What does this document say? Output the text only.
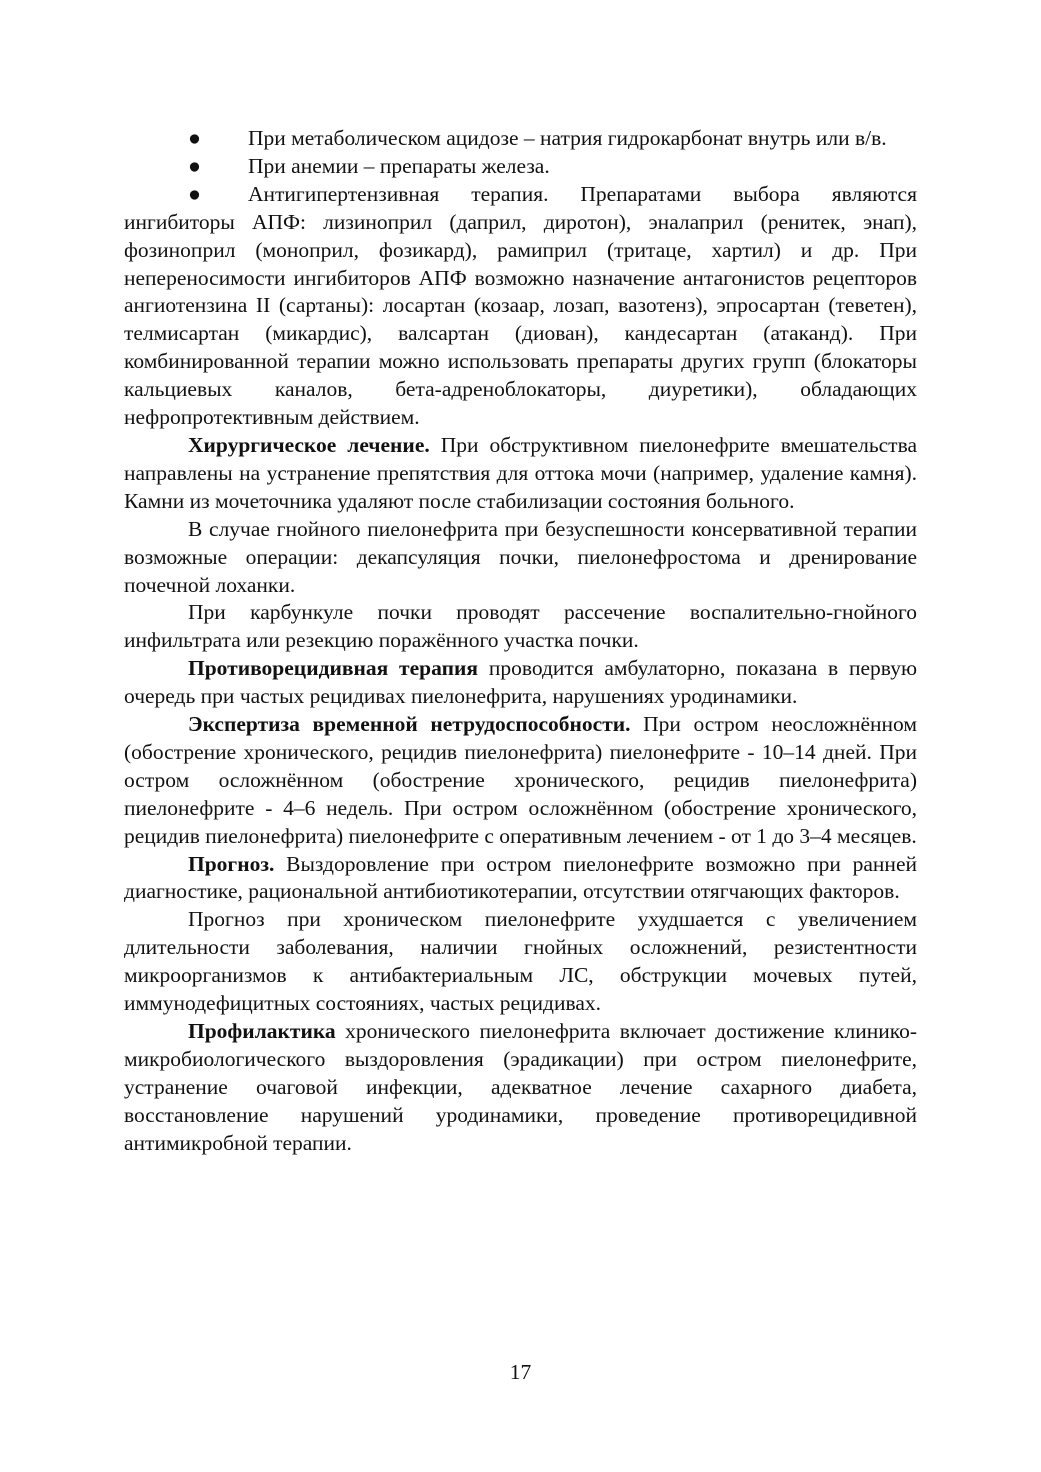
● При метаболическом ацидозе – натрия гидрокарбонат внутрь или в/в.

● При анемии – препараты железа.

● Антигипертензивная терапия. Препаратами выбора являются ингибиторы АПФ: лизиноприл (даприл, диротон), эналаприл (ренитек, энап), фозиноприл (моноприл, фозикард), рамиприл (тритаце, хартил) и др. При непереносимости ингибиторов АПФ возможно назначение антагонистов рецепторов ангиотензина II (сартаны): лосартан (козаар, лозап, вазотенз), эпросартан (теветен), телмисартан (микардис), валсартан (диован), кандесартан (атаканд). При комбинированной терапии можно использовать препараты других групп (блокаторы кальциевых каналов, бета-адреноблокаторы, диуретики), обладающих нефропротективным действием.

Хирургическое лечение. При обструктивном пиелонефрите вмешательства направлены на устранение препятствия для оттока мочи (например, удаление камня). Камни из мочеточника удаляют после стабилизации состояния больного.

В случае гнойного пиелонефрита при безуспешности консервативной терапии возможные операции: декапсуляция почки, пиелонефростома и дренирование почечной лоханки.

При карбункуле почки проводят рассечение воспалительно-гнойного инфильтрата или резекцию поражённого участка почки.

Противорецидивная терапия проводится амбулаторно, показана в первую очередь при частых рецидивах пиелонефрита, нарушениях уродинамики.

Экспертиза временной нетрудоспособности. При остром неосложнённом (обострение хронического, рецидив пиелонефрита) пиелонефрите - 10–14 дней. При остром осложнённом (обострение хронического, рецидив пиелонефрита) пиелонефрите - 4–6 недель. При остром осложнённом (обострение хронического, рецидив пиелонефрита) пиелонефрите с оперативным лечением - от 1 до 3–4 месяцев.

Прогноз. Выздоровление при остром пиелонефрите возможно при ранней диагностике, рациональной антибиотикотерапии, отсутствии отягчающих факторов.

Прогноз при хроническом пиелонефрите ухудшается с увеличением длительности заболевания, наличии гнойных осложнений, резистентности микроорганизмов к антибактериальным ЛС, обструкции мочевых путей, иммунодефицитных состояниях, частых рецидивах.

Профилактика хронического пиелонефрита включает достижение клинико-микробиологического выздоровления (эрадикации) при остром пиелонефрите, устранение очаговой инфекции, адекватное лечение сахарного диабета, восстановление нарушений уродинамики, проведение противорецидивной антимикробной терапии.

17
